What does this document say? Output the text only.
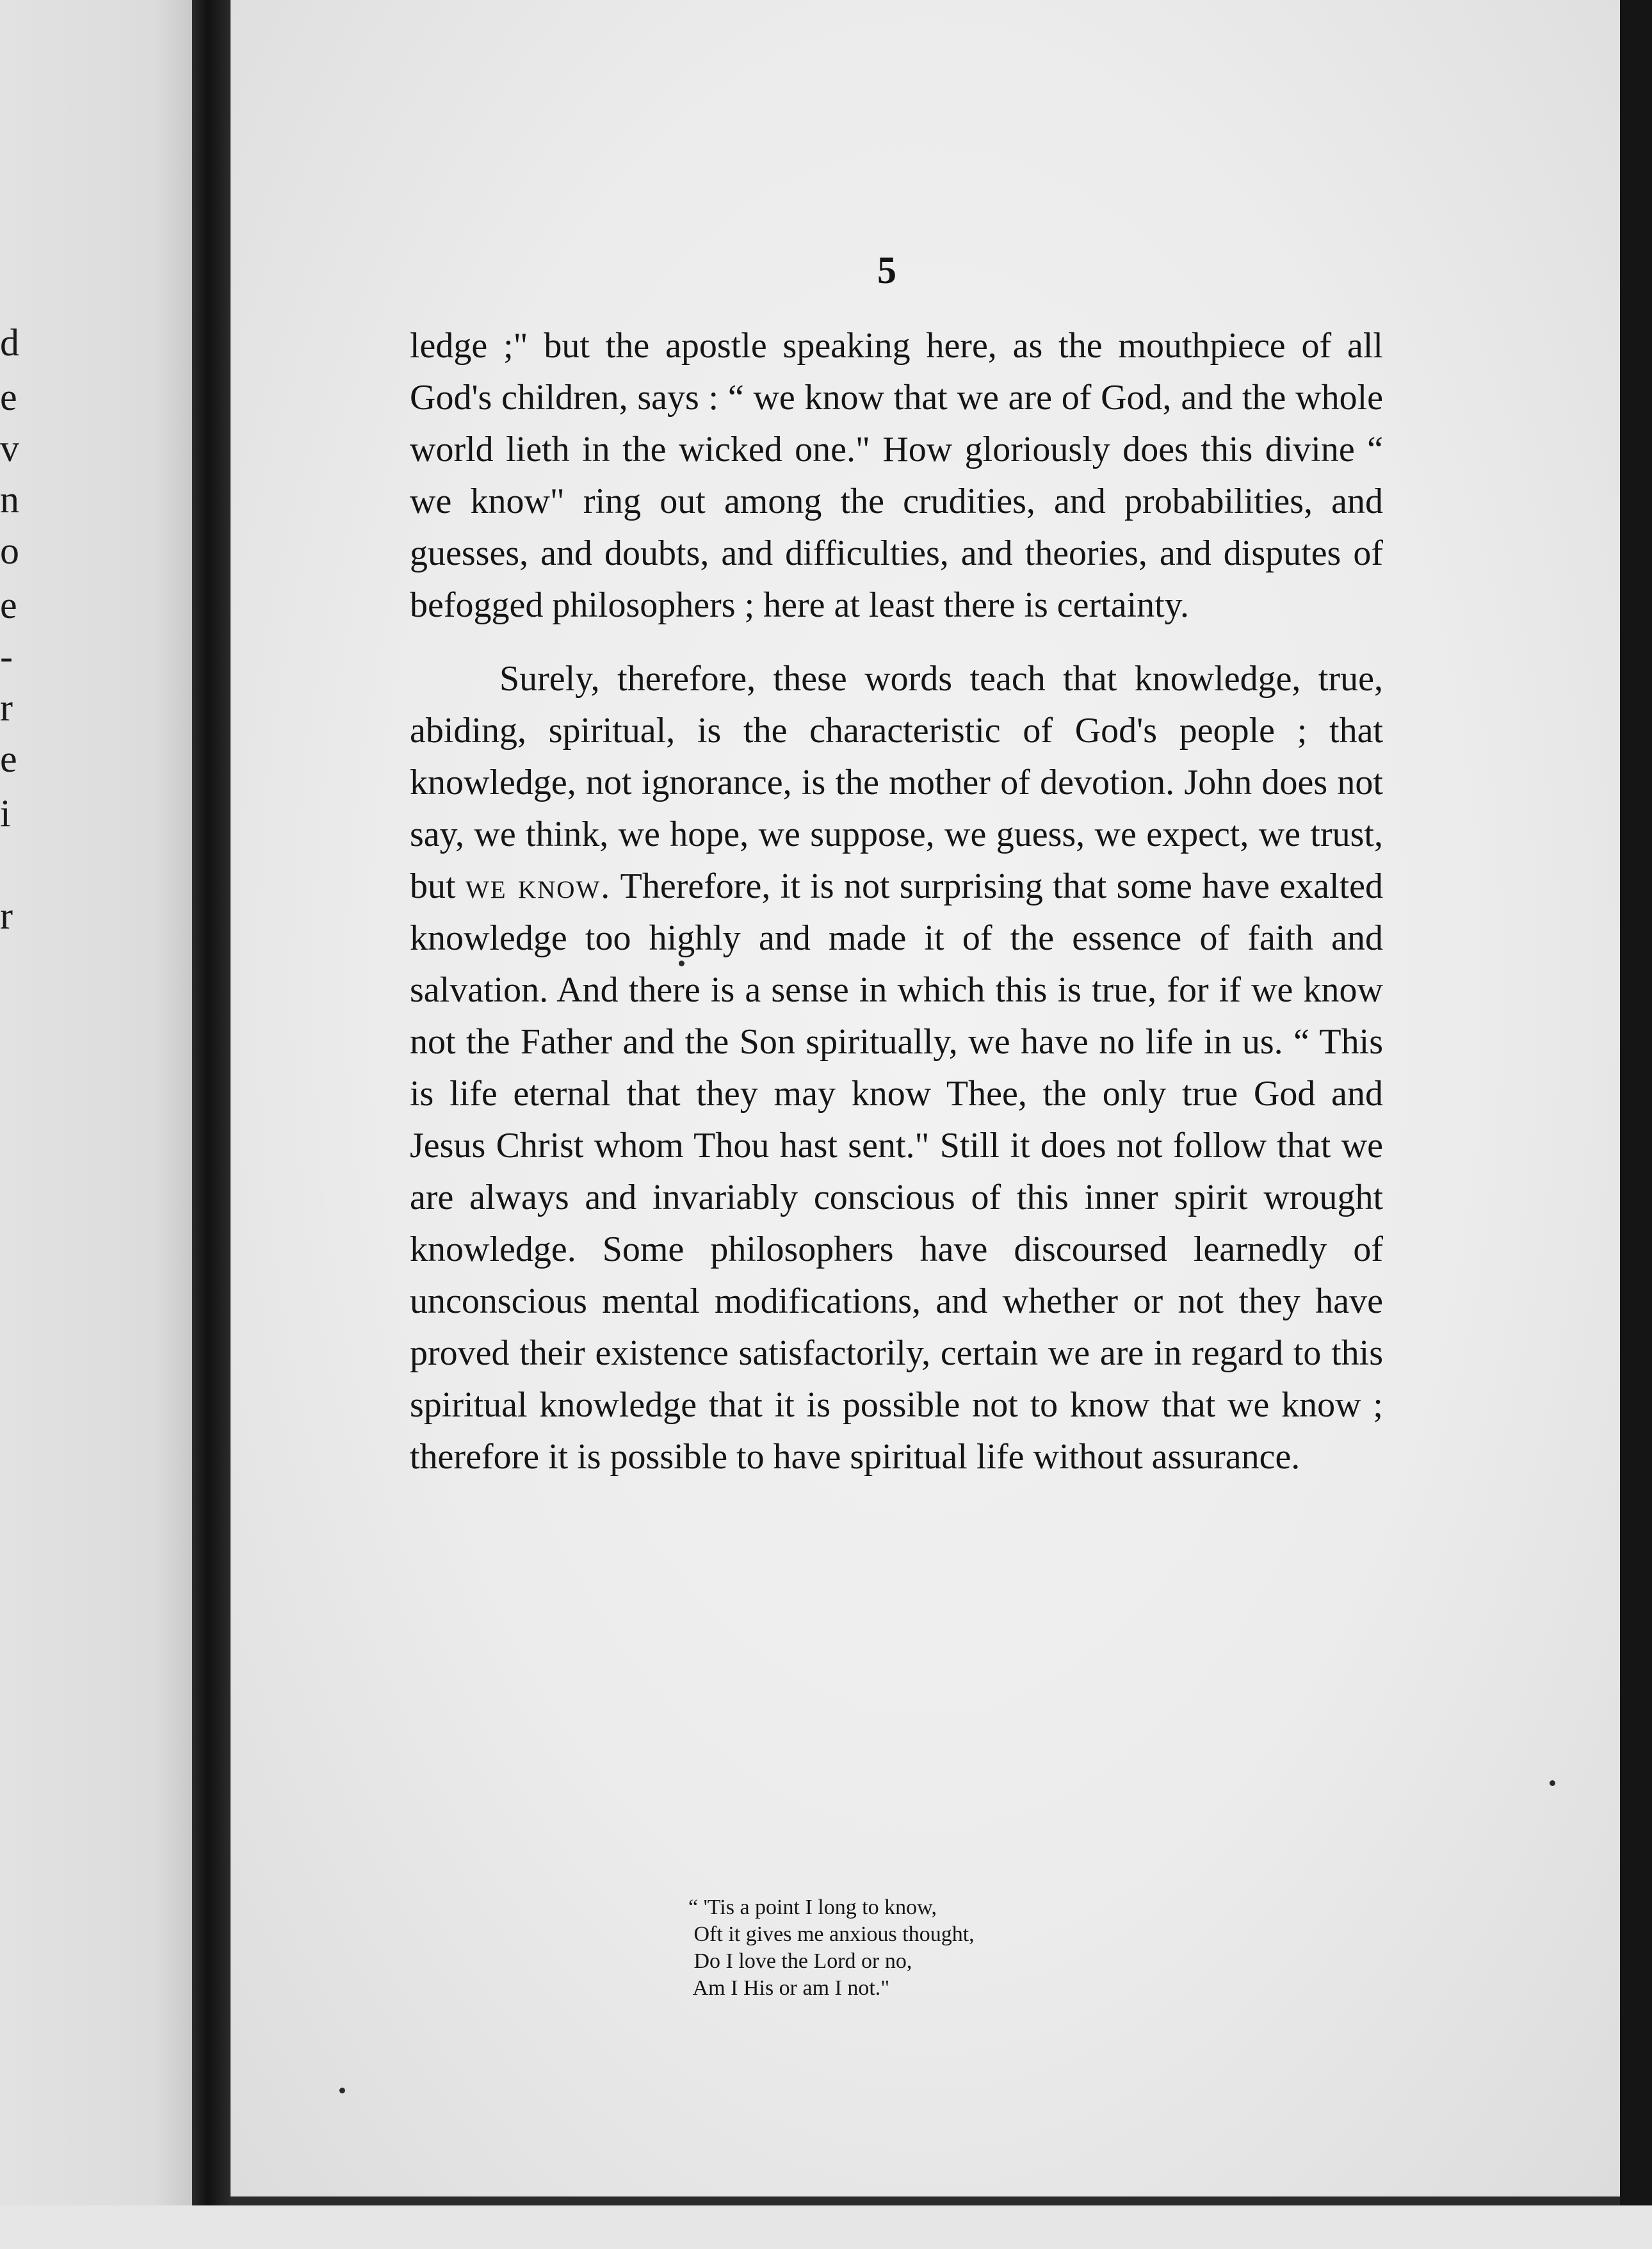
d
e
v
n
o
e
-
r
e
i
r

5

ledge ;" but the apostle speaking here, as the mouthpiece of all God's children, says : “ we know that we are of God, and the whole world lieth in the wicked one." How gloriously does this divine “ we know" ring out among the crudities, and probabilities, and guesses, and doubts, and difficulties, and theories, and disputes of befogged philosophers ; here at least there is certainty.

Surely, therefore, these words teach that knowledge, true, abiding, spiritual, is the characteristic of God's people ; that knowledge, not ignorance, is the mother of devotion. John does not say, we think, we hope, we suppose, we guess, we expect, we trust, but we know. Therefore, it is not surprising that some have exalted knowledge too highly and made it of the essence of faith and salvation. And there is a sense in which this is true, for if we know not the Father and the Son spiritually, we have no life in us. “ This is life eternal that they may know Thee, the only true God and Jesus Christ whom Thou hast sent." Still it does not follow that we are always and invariably conscious of this inner spirit wrought knowledge. Some philosophers have discoursed learnedly of unconscious mental modifications, and whether or not they have proved their existence satisfactorily, certain we are in regard to this spiritual knowledge that it is possible not to know that we know ; therefore it is possible to have spiritual life without assurance.

“ 'Tis a point I long to know,
Oft it gives me anxious thought,
Do I love the Lord or no,
Am I His or am I not."
